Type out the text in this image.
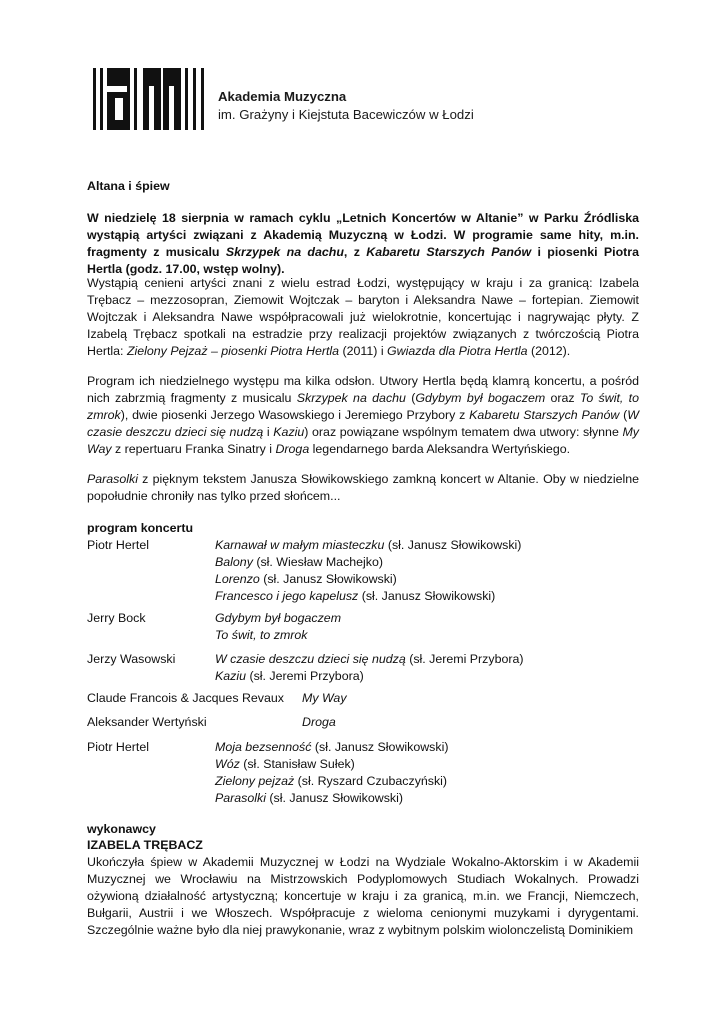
Akademia Muzyczna
im. Grażyny i Kiejstuta Bacewiczów w Łodzi
Altana i śpiew

W niedzielę 18 sierpnia w ramach cyklu „Letnich Koncertów w Altanie” w Parku Źródliska wystąpią artyści związani z Akademią Muzyczną w Łodzi. W programie same hity, m.in. fragmenty z musicalu Skrzypek na dachu, z Kabaretu Starszych Panów i piosenki Piotra Hertla (godz. 17.00, wstęp wolny).

Wystąpią cenieni artyści znani z wielu estrad Łodzi, występujący w kraju i za granicą: Izabela Trębacz – mezzosopran, Ziemowit Wojtczak – baryton i Aleksandra Nawe – fortepian. Ziemowit Wojtczak i Aleksandra Nawe współpracowali już wielokrotnie, koncertując i nagrywając płyty. Z Izabelą Trębacz spotkali na estradzie przy realizacji projektów związanych z twórczością Piotra Hertla: Zielony Pejzaż – piosenki Piotra Hertla (2011) i Gwiazda dla Piotra Hertla (2012).

Program ich niedzielnego występu ma kilka odsłon. Utwory Hertla będą klamrą koncertu, a pośród nich zabrzmią fragmenty z musicalu Skrzypek na dachu (Gdybym był bogaczem oraz To świt, to zmrok), dwie piosenki Jerzego Wasowskiego i Jeremiego Przybory z Kabaretu Starszych Panów (W czasie deszczu dzieci się nudzą i Kaziu) oraz powiązane wspólnym tematem dwa utwory: słynne My Way z repertuaru Franka Sinatry i Droga legendarnego barda Aleksandra Wertyńskiego.

Parasolki z pięknym tekstem Janusza Słowikowskiego zamkną koncert w Altanie. Oby w niedzielne popołudnie chroniły nas tylko przed słońcem...

program koncertu
Piotr Hertel	Karnawał w małym miasteczku (sł. Janusz Słowikowski)
Balony (sł. Wiesław Machejko)
Lorenzo (sł. Janusz Słowikowski)
Francesco i jego kapelusz (sł. Janusz Słowikowski)
Jerry Bock	Gdybym był bogaczem
To świt, to zmrok
Jerzy Wasowski	W czasie deszczu dzieci się nudzą (sł. Jeremi Przybora)
Kaziu (sł. Jeremi Przybora)
Claude Francois & Jacques Revaux My Way
Aleksander Wertyński	Droga
Piotr Hertel	Moja bezsenność (sł. Janusz Słowikowski)
Wóz (sł. Stanisław Sułek)
Zielony pejzaż (sł. Ryszard Czubaczyński)
Parasolki (sł. Janusz Słowikowski)
wykonawcy
IZABELA TRĘBACZ

Ukończyła śpiew w Akademii Muzycznej w Łodzi na Wydziale Wokalno-Aktorskim i w Akademii Muzycznej we Wrocławiu na Mistrzowskich Podyplomowych Studiach Wokalnych. Prowadzi ożywioną działalność artystyczną; koncertuje w kraju i za granicą, m.in. we Francji, Niemczech, Bułgarii, Austrii i we Włoszech. Współpracuje z wieloma cenionymi muzykami i dyrygentami. Szczególnie ważne było dla niej prawykonanie, wraz z wybitnym polskim wiolonczelistą Dominikiem
